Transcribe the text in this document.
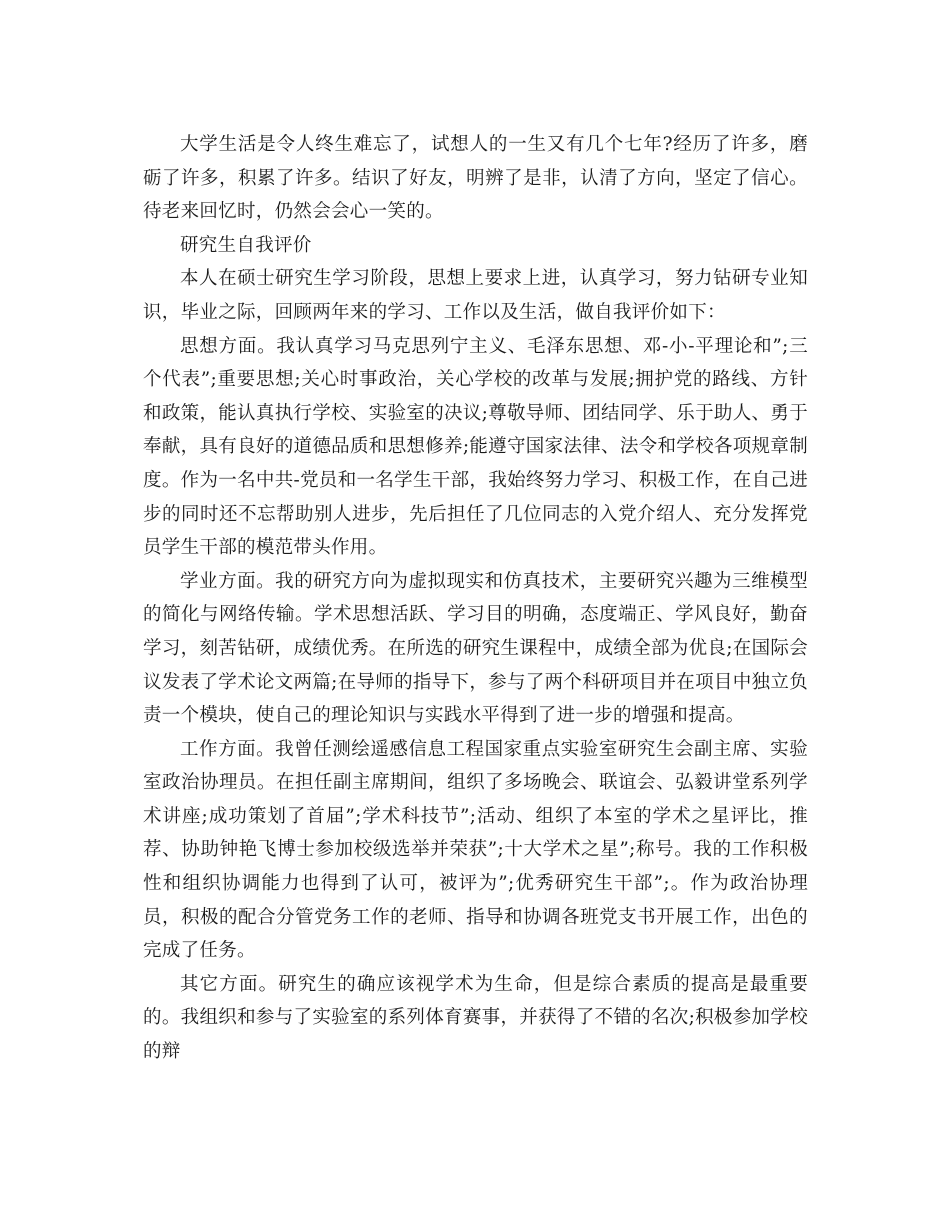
大学生活是令人终生难忘了，试想人的一生又有几个七年?经历了许多，磨砺了许多，积累了许多。结识了好友，明辨了是非，认清了方向，坚定了信心。待老来回忆时，仍然会会心一笑的。

研究生自我评价

本人在硕士研究生学习阶段，思想上要求上进，认真学习，努力钻研专业知识，毕业之际，回顾两年来的学习、工作以及生活，做自我评价如下：

思想方面。我认真学习马克思列宁主义、毛泽东思想、邓-小-平理论和”;三个代表”;重要思想;关心时事政治，关心学校的改革与发展;拥护党的路线、方针和政策，能认真执行学校、实验室的决议;尊敬导师、团结同学、乐于助人、勇于奉献，具有良好的道德品质和思想修养;能遵守国家法律、法令和学校各项规章制度。作为一名中共-党员和一名学生干部，我始终努力学习、积极工作，在自己进步的同时还不忘帮助别人进步，先后担任了几位同志的入党介绍人、充分发挥党员学生干部的模范带头作用。

学业方面。我的研究方向为虚拟现实和仿真技术，主要研究兴趣为三维模型的简化与网络传输。学术思想活跃、学习目的明确，态度端正、学风良好，勤奋学习，刻苦钻研，成绩优秀。在所选的研究生课程中，成绩全部为优良;在国际会议发表了学术论文两篇;在导师的指导下，参与了两个科研项目并在项目中独立负责一个模块，使自己的理论知识与实践水平得到了进一步的增强和提高。

工作方面。我曾任测绘遥感信息工程国家重点实验室研究生会副主席、实验室政治协理员。在担任副主席期间，组织了多场晚会、联谊会、弘毅讲堂系列学术讲座;成功策划了首届”;学术科技节”;活动、组织了本室的学术之星评比，推荐、协助钟艳飞博士参加校级选举并荣获”;十大学术之星”;称号。我的工作积极性和组织协调能力也得到了认可，被评为”;优秀研究生干部”;。作为政治协理员，积极的配合分管党务工作的老师、指导和协调各班党支书开展工作，出色的完成了任务。

其它方面。研究生的确应该视学术为生命，但是综合素质的提高是最重要的。我组织和参与了实验室的系列体育赛事，并获得了不错的名次;积极参加学校的辩
